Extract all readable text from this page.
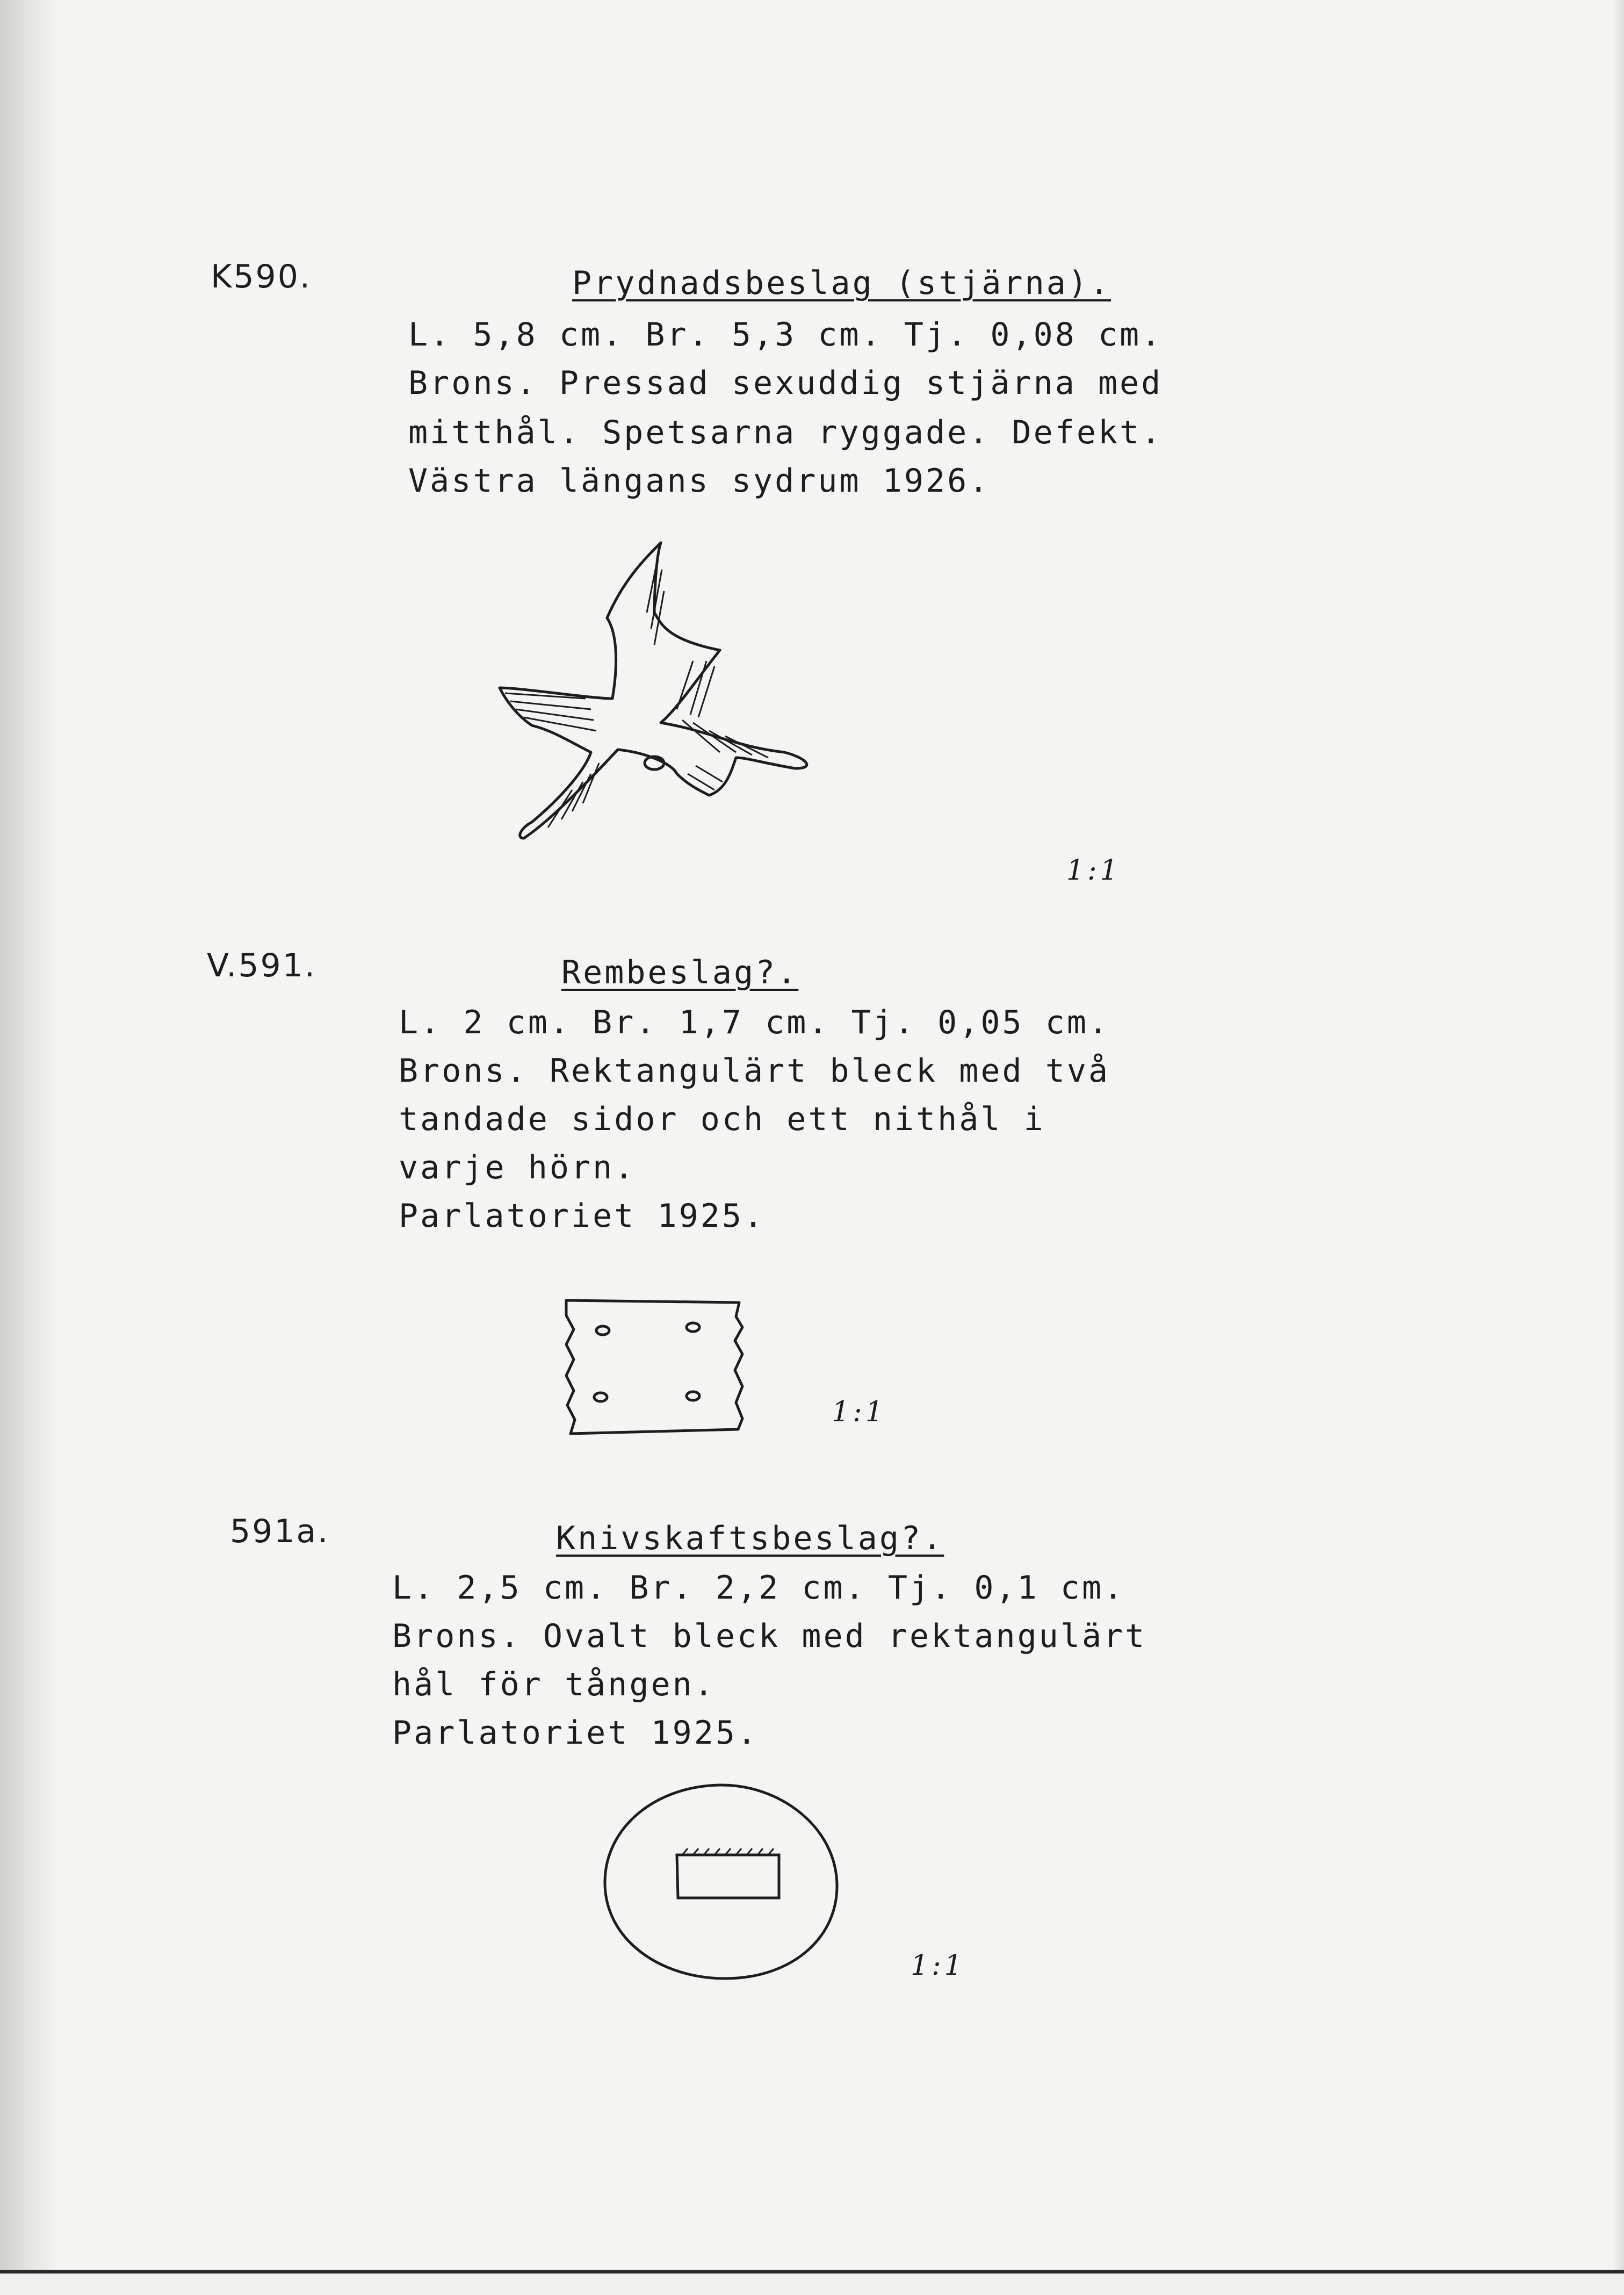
K590.	Prydnadsbeslag (stjärna).
L. 5,8 cm. Br. 5,3 cm. Tj. 0,08 cm.
Brons. Pressad sexuddig stjärna med
mitthål. Spetsarna ryggade. Defekt.
Västra längans sydrum 1926.
1:1
V.591.	Rembeslag?.
L. 2 cm. Br. 1,7 cm. Tj. 0,05 cm.
Brons. Rektangulärt bleck med två
tandade sidor och ett nithål i
varje hörn.
Parlatoriet 1925.
1:1
591a.	Knivskaftsbeslag?.
L. 2,5 cm. Br. 2,2 cm. Tj. 0,1 cm.
Brons. Ovalt bleck med rektangulärt
hål för tången.
Parlatoriet 1925.
1:1
